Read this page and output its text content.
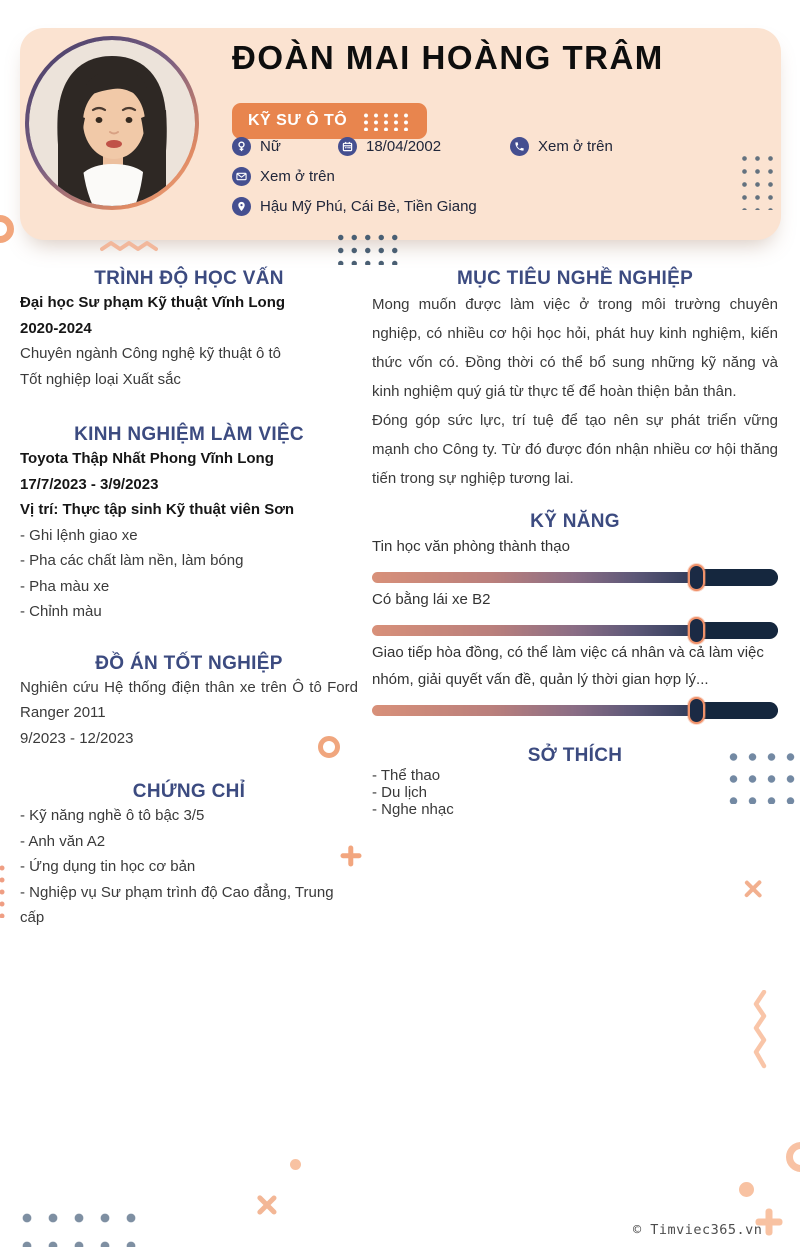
ĐOÀN MAI HOÀNG TRÂM
KỸ SƯ Ô TÔ
Nữ	18/04/2002	Xem ở trên
Xem ở trên
Hậu Mỹ Phú, Cái Bè, Tiền Giang
TRÌNH ĐỘ HỌC VẤN

Đại học Sư phạm Kỹ thuật Vĩnh Long

2020-2024

Chuyên ngành Công nghệ kỹ thuật ô tô

Tốt nghiệp loại Xuất sắc

KINH NGHIỆM LÀM VIỆC

Toyota Thập Nhất Phong Vĩnh Long

17/7/2023 - 3/9/2023

Vị trí: Thực tập sinh Kỹ thuật viên Sơn

- Ghi lệnh giao xe

- Pha các chất làm nền, làm bóng

- Pha màu xe

- Chỉnh màu

ĐỒ ÁN TỐT NGHIỆP

Nghiên cứu Hệ thống điện thân xe trên Ô tô Ford Ranger 2011

9/2023 - 12/2023

CHỨNG CHỈ

- Kỹ năng nghề ô tô bậc 3/5

- Anh văn A2

- Ứng dụng tin học cơ bản

- Nghiệp vụ Sư phạm trình độ Cao đẳng, Trung cấp

MỤC TIÊU NGHỀ NGHIỆP

Mong muốn được làm việc ở trong môi trường chuyên nghiệp, có nhiều cơ hội học hỏi, phát huy kinh nghiệm, kiến thức vốn có. Đồng thời có thể bổ sung những kỹ năng và kinh nghiệm quý giá từ thực tế để hoàn thiện bản thân.

Đóng góp sức lực, trí tuệ để tạo nên sự phát triển vững mạnh cho Công ty. Từ đó được đón nhận nhiều cơ hội thăng tiến trong sự nghiệp tương lai.

KỸ NĂNG

Tin học văn phòng thành thạo

Có bằng lái xe B2

Giao tiếp hòa đồng, có thể làm việc cá nhân và cả làm việc nhóm, giải quyết vấn đề, quản lý thời gian hợp lý...

SỞ THÍCH

- Thể thao

- Du lịch

- Nghe nhạc

© Timviec365.vn
